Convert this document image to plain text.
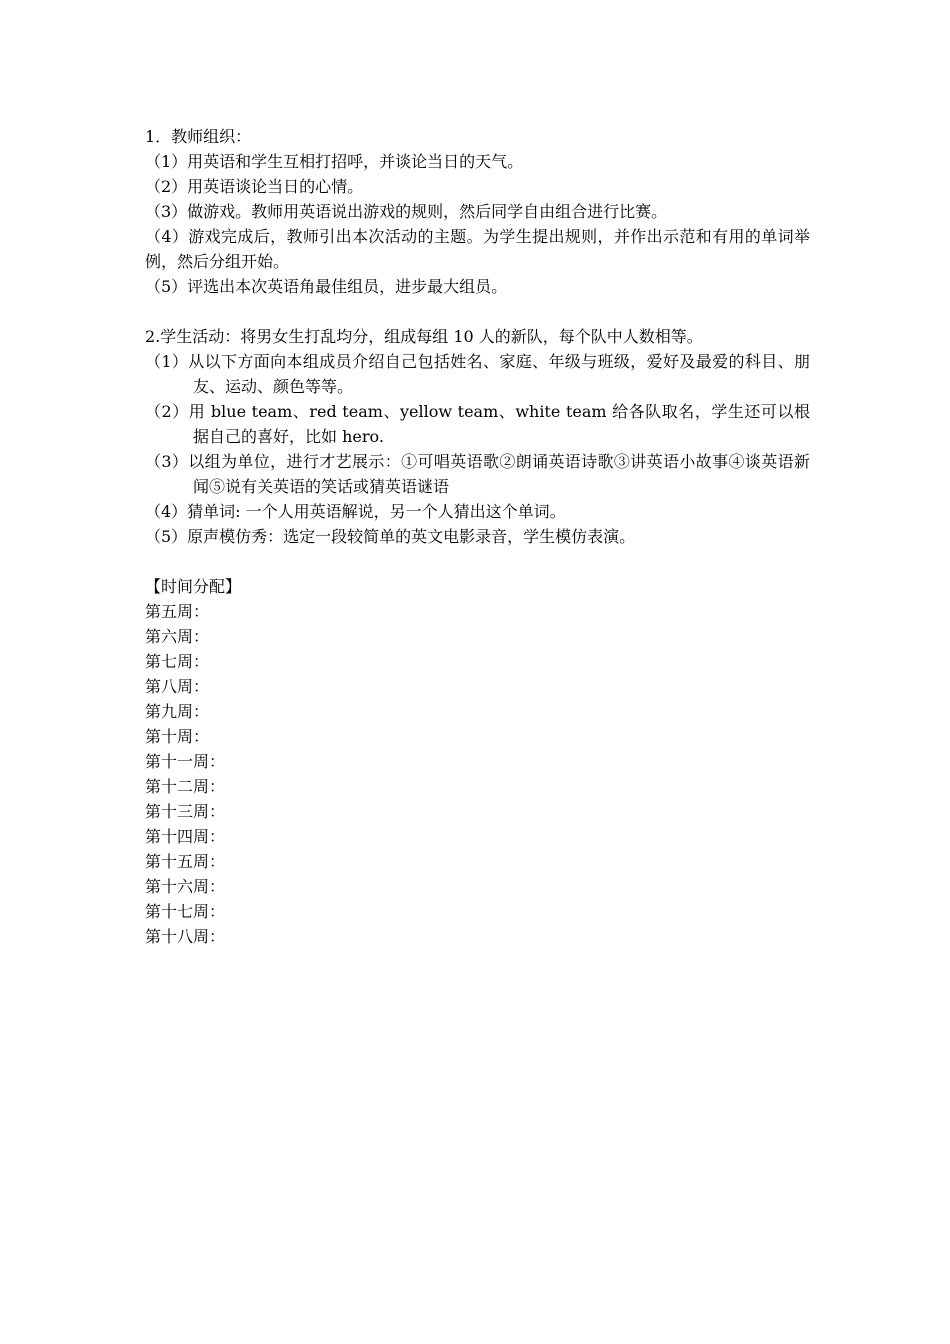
1．教师组织：

（1）用英语和学生互相打招呼，并谈论当日的天气。

（2）用英语谈论当日的心情。

（3）做游戏。教师用英语说出游戏的规则，然后同学自由组合进行比赛。

（4）游戏完成后，教师引出本次活动的主题。为学生提出规则，并作出示范和有用的单词举例，然后分组开始。

（5）评选出本次英语角最佳组员，进步最大组员。

2.学生活动：将男女生打乱均分，组成每组 10 人的新队，每个队中人数相等。

（1）从以下方面向本组成员介绍自己包括姓名、家庭、年级与班级，爱好及最爱的科目、朋友、运动、颜色等等。

（2）用 blue team、red team、yellow team、white team 给各队取名，学生还可以根据自己的喜好，比如 hero.

（3）以组为单位，进行才艺展示：①可唱英语歌②朗诵英语诗歌③讲英语小故事④谈英语新闻⑤说有关英语的笑话或猜英语谜语

（4）猜单词: 一个人用英语解说，另一个人猜出这个单词。

（5）原声模仿秀：选定一段较简单的英文电影录音，学生模仿表演。

【时间分配】

第五周：

第六周：

第七周：

第八周：

第九周：

第十周：

第十一周：

第十二周：

第十三周：

第十四周：

第十五周：

第十六周：

第十七周：

第十八周：
